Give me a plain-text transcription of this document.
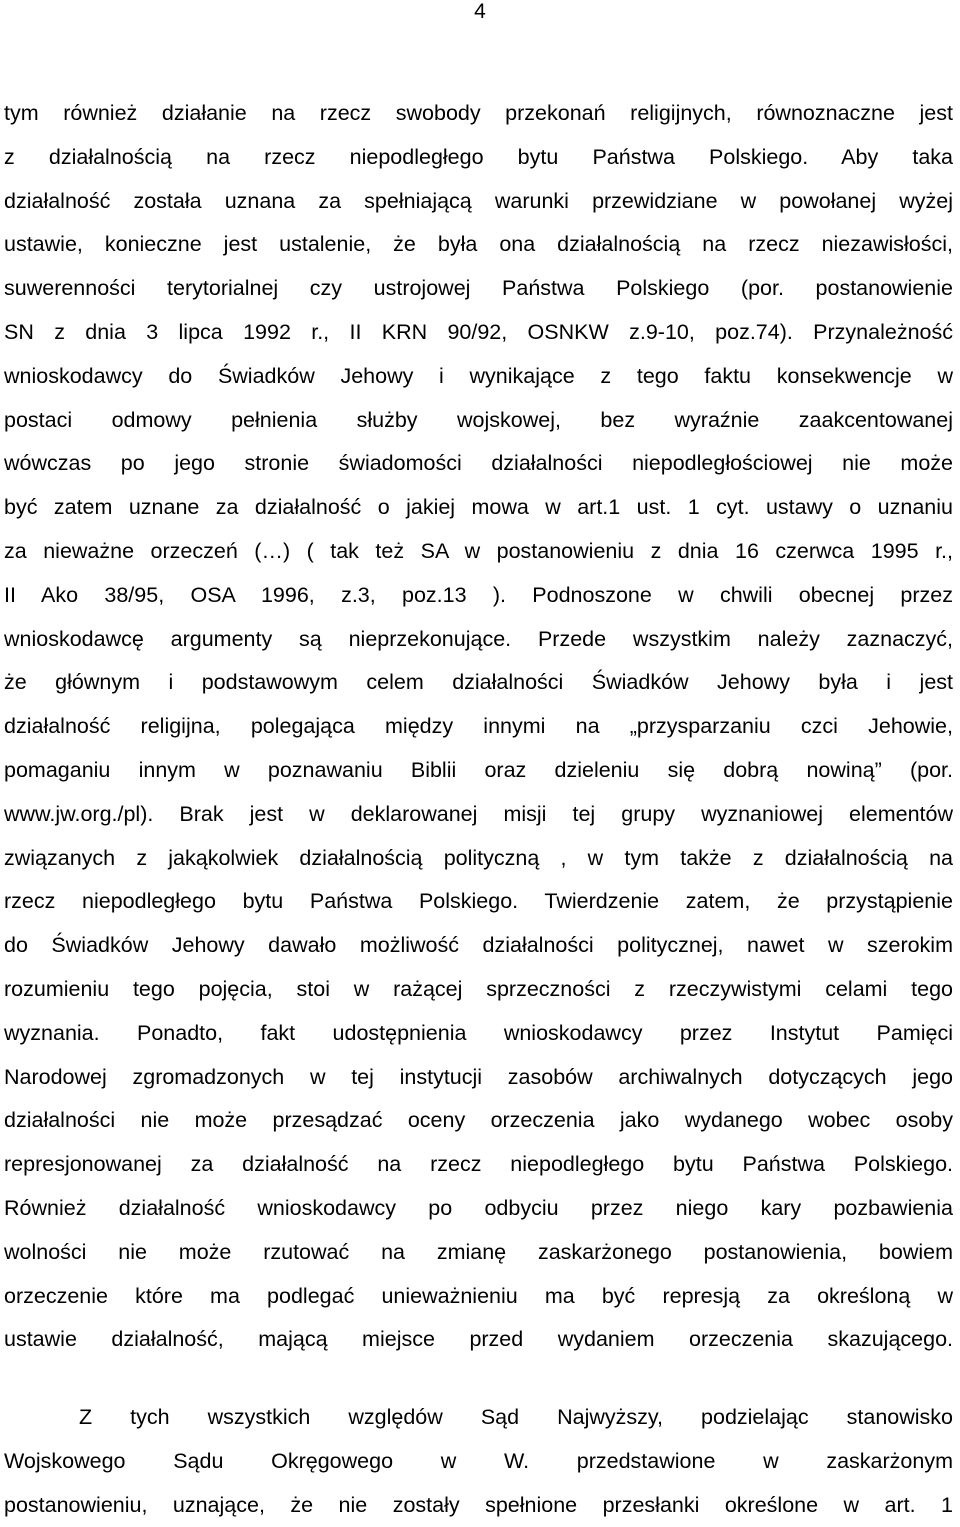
4
tym również działanie na rzecz swobody przekonań religijnych, równoznaczne jest
z działalnością na rzecz niepodległego bytu Państwa Polskiego. Aby taka
działalność została uznana za spełniającą warunki przewidziane w powołanej wyżej
ustawie, konieczne jest ustalenie, że była ona działalnością na rzecz niezawisłości,
suwerenności terytorialnej czy ustrojowej Państwa Polskiego (por. postanowienie
SN z dnia 3 lipca 1992 r., II KRN 90/92, OSNKW z.9-10, poz.74). Przynależność
wnioskodawcy do Świadków Jehowy i wynikające z tego faktu konsekwencje w
postaci odmowy pełnienia służby wojskowej, bez wyraźnie zaakcentowanej
wówczas po jego stronie świadomości działalności niepodległościowej nie może
być zatem uznane za działalność o jakiej mowa w art.1 ust. 1 cyt. ustawy o uznaniu
za nieważne orzeczeń (…) ( tak też SA w postanowieniu z dnia 16 czerwca 1995 r.,
II Ako 38/95, OSA 1996, z.3, poz.13 ). Podnoszone w chwili obecnej przez
wnioskodawcę argumenty są nieprzekonujące. Przede wszystkim należy zaznaczyć,
że głównym i podstawowym celem działalności Świadków Jehowy była i jest
działalność religijna, polegająca między innymi na „przysparzaniu czci Jehowie,
pomaganiu innym w poznawaniu Biblii oraz dzieleniu się dobrą nowiną” (por.
www.jw.org./pl). Brak jest w deklarowanej misji tej grupy wyznaniowej elementów
związanych z jakąkolwiek działalnością polityczną , w tym także z działalnością na
rzecz niepodległego bytu Państwa Polskiego. Twierdzenie zatem, że przystąpienie
do Świadków Jehowy dawało możliwość działalności politycznej, nawet w szerokim
rozumieniu tego pojęcia, stoi w rażącej sprzeczności z rzeczywistymi celami tego
wyznania. Ponadto, fakt udostępnienia wnioskodawcy przez Instytut Pamięci
Narodowej zgromadzonych w tej instytucji zasobów archiwalnych dotyczących jego
działalności nie może przesądzać oceny orzeczenia jako wydanego wobec osoby
represjonowanej za działalność na rzecz niepodległego bytu Państwa Polskiego.
Również działalność wnioskodawcy po odbyciu przez niego kary pozbawienia
wolności nie może rzutować na zmianę zaskarżonego postanowienia, bowiem
orzeczenie które ma podlegać unieważnieniu ma być represją za określoną w
ustawie działalność, mającą miejsce przed wydaniem orzeczenia skazującego.
Z tych wszystkich względów Sąd Najwyższy, podzielając stanowisko
Wojskowego Sądu Okręgowego w W. przedstawione w zaskarżonym
postanowieniu, uznające, że nie zostały spełnione przesłanki określone w art. 1
